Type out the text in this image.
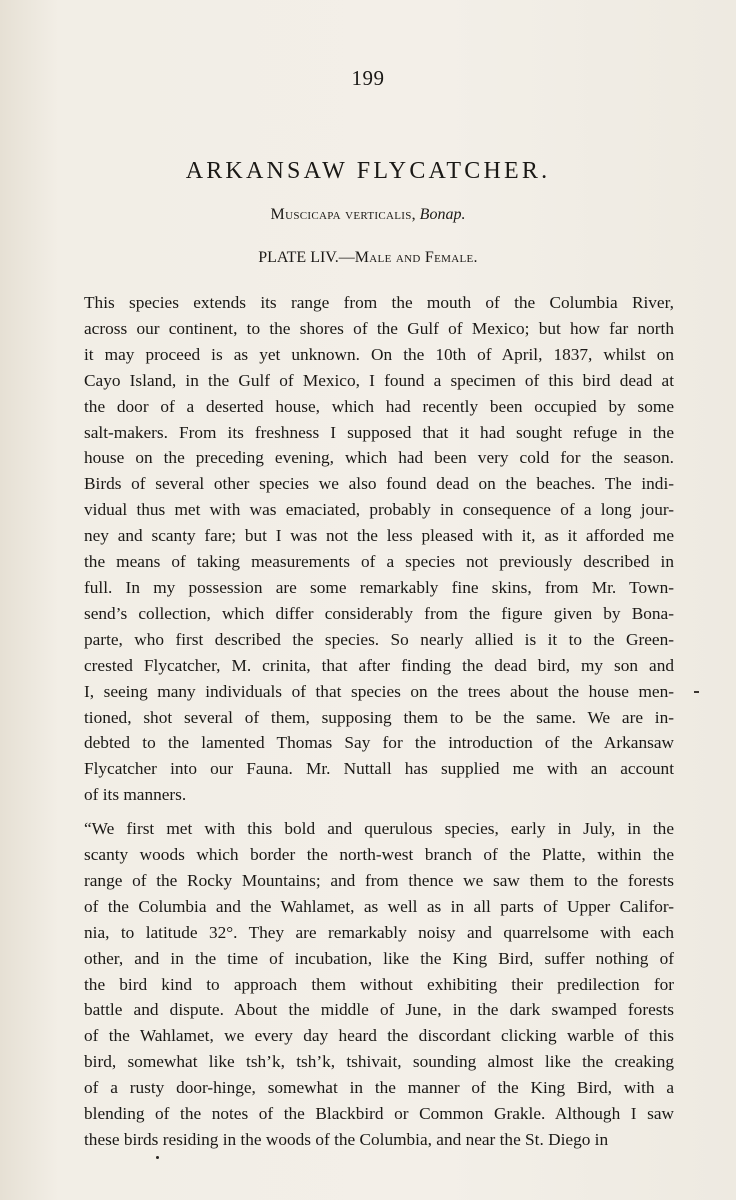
199
ARKANSAW FLYCATCHER.
Muscicapa verticalis, Bonap.
PLATE LIV.—Male and Female.
This species extends its range from the mouth of the Columbia River,
across our continent, to the shores of the Gulf of Mexico; but how far north
it may proceed is as yet unknown. On the 10th of April, 1837, whilst on
Cayo Island, in the Gulf of Mexico, I found a specimen of this bird dead at
the door of a deserted house, which had recently been occupied by some
salt-makers. From its freshness I supposed that it had sought refuge in the
house on the preceding evening, which had been very cold for the season.
Birds of several other species we also found dead on the beaches. The indi-
vidual thus met with was emaciated, probably in consequence of a long jour-
ney and scanty fare; but I was not the less pleased with it, as it afforded me
the means of taking measurements of a species not previously described in
full. In my possession are some remarkably fine skins, from Mr. Town-
send’s collection, which differ considerably from the figure given by Bona-
parte, who first described the species. So nearly allied is it to the Green-
crested Flycatcher, M. crinita, that after finding the dead bird, my son and
I, seeing many individuals of that species on the trees about the house men-
tioned, shot several of them, supposing them to be the same. We are in-
debted to the lamented Thomas Say for the introduction of the Arkansaw
Flycatcher into our Fauna. Mr. Nuttall has supplied me with an account
of its manners.
“We first met with this bold and querulous species, early in July, in the
scanty woods which border the north-west branch of the Platte, within the
range of the Rocky Mountains; and from thence we saw them to the forests
of the Columbia and the Wahlamet, as well as in all parts of Upper Califor-
nia, to latitude 32°. They are remarkably noisy and quarrelsome with each
other, and in the time of incubation, like the King Bird, suffer nothing of
the bird kind to approach them without exhibiting their predilection for
battle and dispute. About the middle of June, in the dark swamped forests
of the Wahlamet, we every day heard the discordant clicking warble of this
bird, somewhat like tsh’k, tsh’k, tshivait, sounding almost like the creaking
of a rusty door-hinge, somewhat in the manner of the King Bird, with a
blending of the notes of the Blackbird or Common Grakle. Although I saw
these birds residing in the woods of the Columbia, and near the St. Diego in
